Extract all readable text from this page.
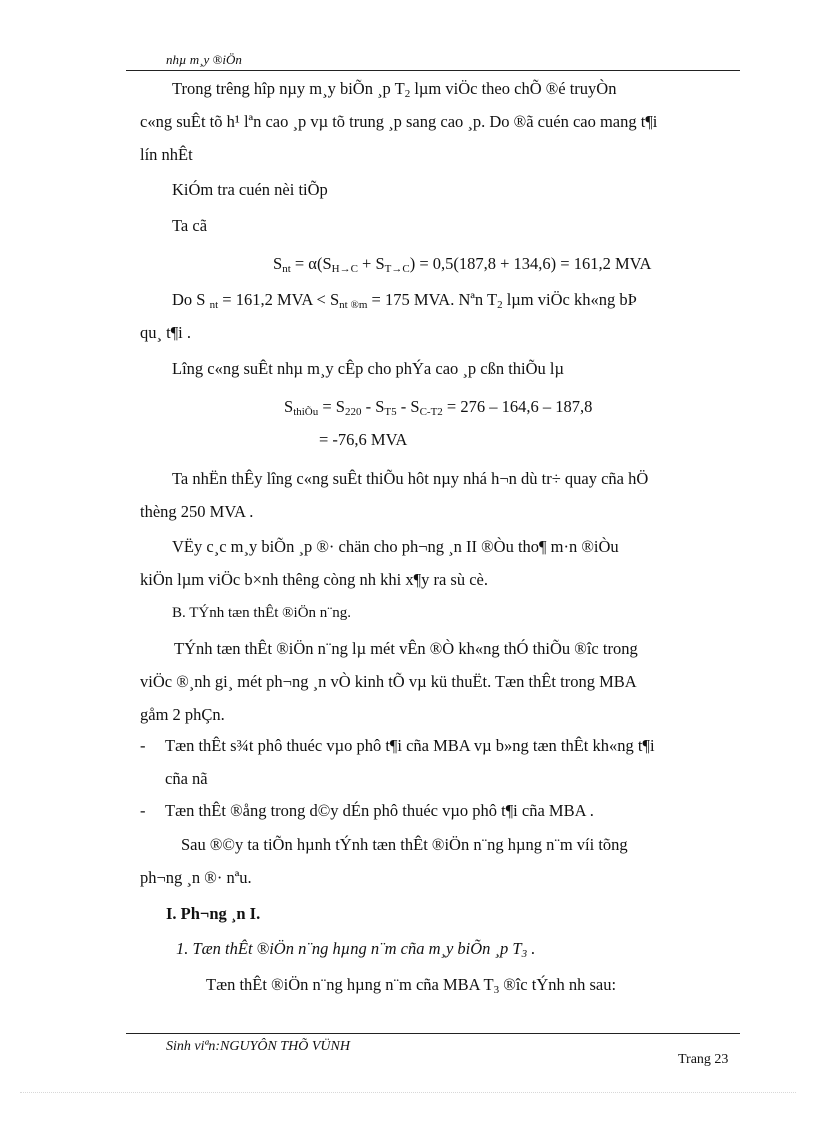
nhµ m¸y ®iÖn
Trong trêng hîp nµy m¸y biÕn ¸p $T_2$ lµm viÖc theo chÕ ®é truyÒn
c«ng suÊt tõ h¹ lªn cao ¸p vµ tõ trung ¸p sang cao ¸p. Do ®ã cuén cao mang t¶i
lín nhÊt
KiÓm tra cuén nèi tiÕp
Ta cã
$S_{nt} = \alpha(S_{H\to C} + S_{T\to C}) = 0,5(187,8 + 134,6) = 161,2$ MVA
Do S $_{nt}$ = 161,2 MVA < $S_{nt ®m} = 175$ MVA. Nªn $T_2$ lµm viÖc kh«ng bÞ
qu¸ t¶i .
Lîng c«ng suÊt nhµ m¸y cÊp cho phÝa cao ¸p cßn thiÕu lµ
$S_{thiÕu} = S_{220} - S_{T5} - S_{C-T2} = 276 - 164,6 - 187,8$
= -76,6 MVA
Ta nhËn thÊy lîng c«ng suÊt thiÕu hôt nµy nhá h¬n dù tr÷ quay cña hÖ
thèng 250 MVA .
VËy c¸c m¸y biÕn ¸p ®· chän cho ph¬ng ¸n II ®Òu tho¶ m·n ®iÒu
kiÖn lµm viÖc b×nh thêng còng nh khi x¶y ra sù cè.
B. TÝnh tæn thÊt ®iÖn n¨ng.
TÝnh tæn thÊt ®iÖn n¨ng lµ mét vÊn ®Ò kh«ng thÓ thiÕu ®îc trong
viÖc ®¸nh gi¸ mét ph¬ng ¸n vÒ kinh tÕ vµ kü thuËt. Tæn thÊt trong MBA
gåm 2 phÇn.
- Tæn thÊt s¾t phô thuéc vµo phô t¶i cña MBA vµ b»ng tæn thÊt kh«ng t¶i
cña nã
- Tæn thÊt ®ång trong d©y dÉn phô thuéc vµo phô t¶i cña MBA .
Sau ®©y ta tiÕn hµnh tÝnh tæn thÊt ®iÖn n¨ng hµng n¨m víi tõng
ph¬ng ¸n ®· nªu.
I. Ph¬ng ¸n I.
1. Tæn thÊt ®iÖn n¨ng hµng n¨m cña m¸y biÕn ¸p $T_3$ .
Tæn thÊt ®iÖn n¨ng hµng n¨m cña MBA $T_3$ ®îc tÝnh nh sau:
Sinh viªn:NGUYÔN THÕ VÜNH
Trang 23
